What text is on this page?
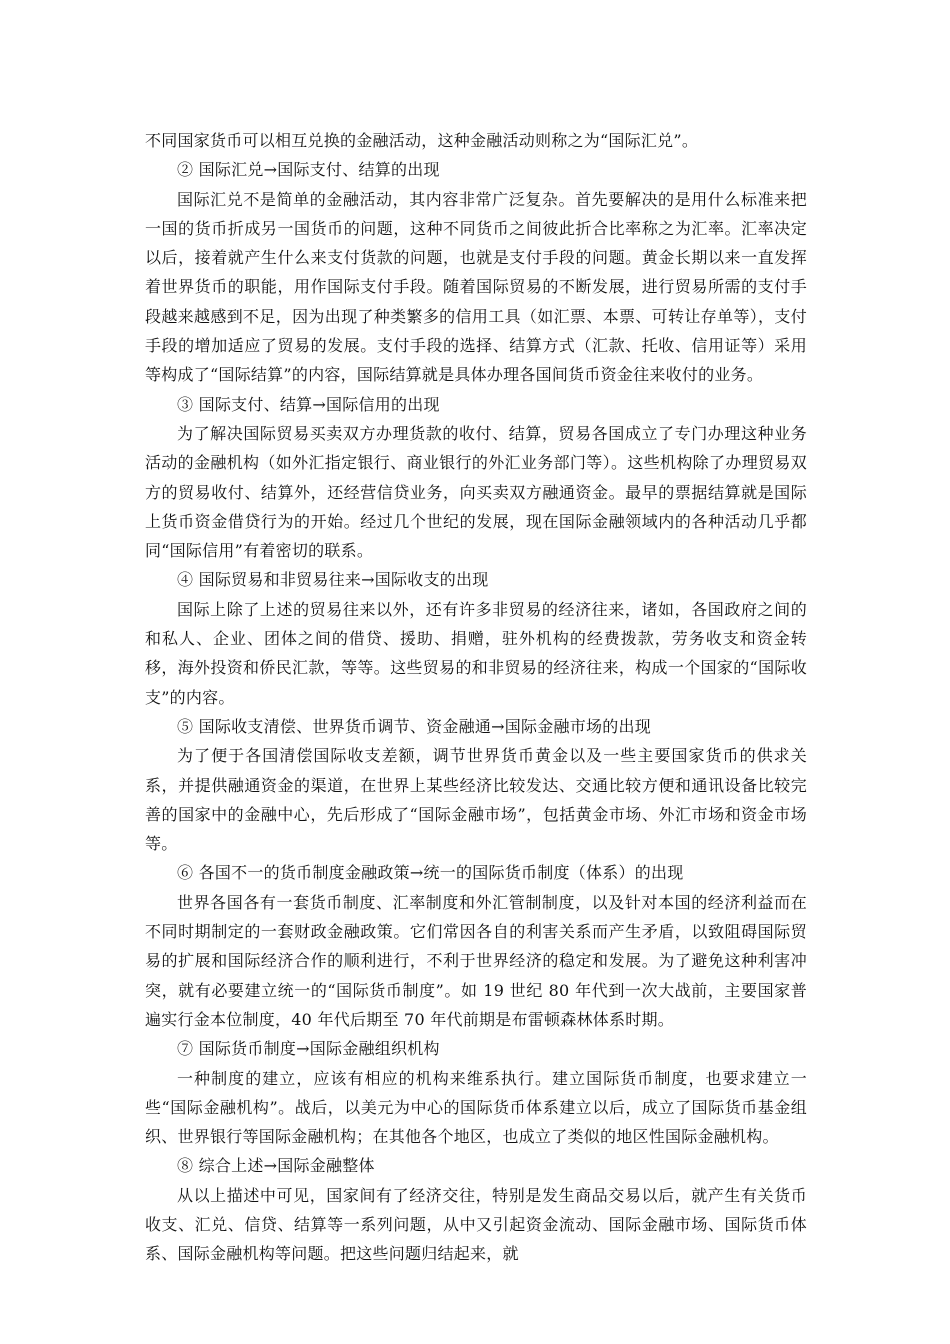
不同国家货币可以相互兑换的金融活动，这种金融活动则称之为“国际汇兑”。

② 国际汇兑→国际支付、结算的出现

国际汇兑不是简单的金融活动，其内容非常广泛复杂。首先要解决的是用什么标准来把一国的货币折成另一国货币的问题，这种不同货币之间彼此折合比率称之为汇率。汇率决定以后，接着就产生什么来支付货款的问题，也就是支付手段的问题。黄金长期以来一直发挥着世界货币的职能，用作国际支付手段。随着国际贸易的不断发展，进行贸易所需的支付手段越来越感到不足，因为出现了种类繁多的信用工具（如汇票、本票、可转让存单等），支付手段的增加适应了贸易的发展。支付手段的选择、结算方式（汇款、托收、信用证等）采用等构成了“国际结算”的内容，国际结算就是具体办理各国间货币资金往来收付的业务。

③ 国际支付、结算→国际信用的出现

为了解决国际贸易买卖双方办理货款的收付、结算，贸易各国成立了专门办理这种业务活动的金融机构（如外汇指定银行、商业银行的外汇业务部门等）。这些机构除了办理贸易双方的贸易收付、结算外，还经营信贷业务，向买卖双方融通资金。最早的票据结算就是国际上货币资金借贷行为的开始。经过几个世纪的发展，现在国际金融领域内的各种活动几乎都同“国际信用”有着密切的联系。

④ 国际贸易和非贸易往来→国际收支的出现

国际上除了上述的贸易往来以外，还有许多非贸易的经济往来，诸如，各国政府之间的和私人、企业、团体之间的借贷、援助、捐赠，驻外机构的经费拨款，劳务收支和资金转移，海外投资和侨民汇款，等等。这些贸易的和非贸易的经济往来，构成一个国家的“国际收支”的内容。

⑤ 国际收支清偿、世界货币调节、资金融通→国际金融市场的出现

为了便于各国清偿国际收支差额，调节世界货币黄金以及一些主要国家货币的供求关系，并提供融通资金的渠道，在世界上某些经济比较发达、交通比较方便和通讯设备比较完善的国家中的金融中心，先后形成了“国际金融市场”，包括黄金市场、外汇市场和资金市场等。

⑥ 各国不一的货币制度金融政策→统一的国际货币制度（体系）的出现

世界各国各有一套货币制度、汇率制度和外汇管制制度，以及针对本国的经济利益而在不同时期制定的一套财政金融政策。它们常因各自的利害关系而产生矛盾，以致阻碍国际贸易的扩展和国际经济合作的顺利进行，不利于世界经济的稳定和发展。为了避免这种利害冲突，就有必要建立统一的“国际货币制度”。如 19 世纪 80 年代到一次大战前，主要国家普遍实行金本位制度，40 年代后期至 70 年代前期是布雷顿森林体系时期。

⑦ 国际货币制度→国际金融组织机构

一种制度的建立，应该有相应的机构来维系执行。建立国际货币制度，也要求建立一些“国际金融机构”。战后，以美元为中心的国际货币体系建立以后，成立了国际货币基金组织、世界银行等国际金融机构；在其他各个地区，也成立了类似的地区性国际金融机构。

⑧ 综合上述→国际金融整体

从以上描述中可见，国家间有了经济交往，特别是发生商品交易以后，就产生有关货币收支、汇兑、信贷、结算等一系列问题，从中又引起资金流动、国际金融市场、国际货币体系、国际金融机构等问题。把这些问题归结起来，就
